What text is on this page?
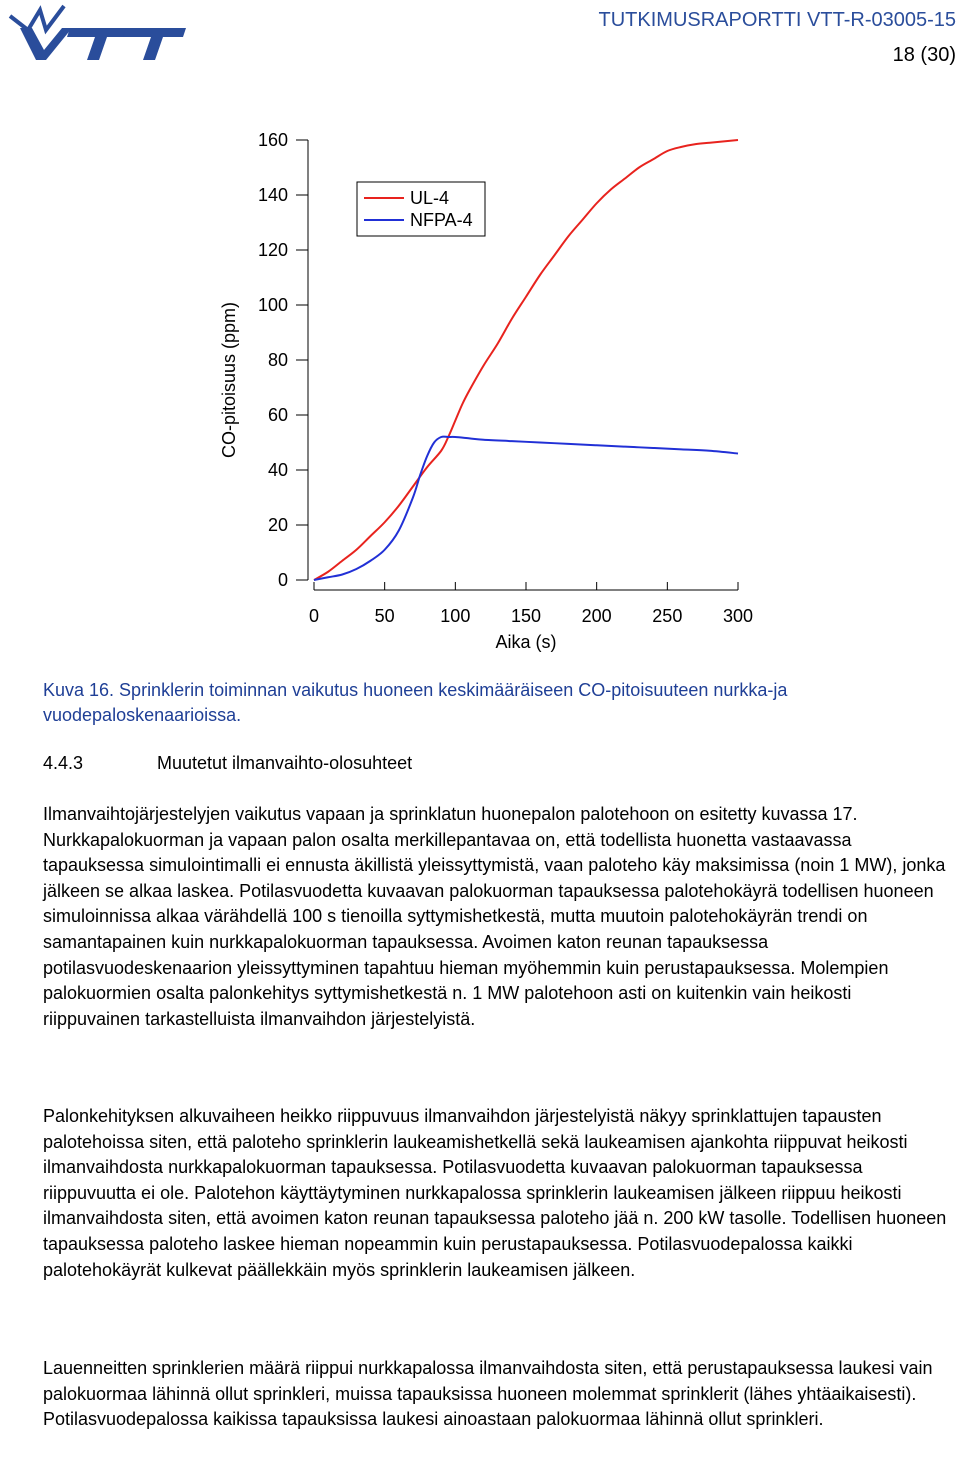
TUTKIMUSRAPORTTI VTT-R-03005-15
18 (30)
0
20
40
60
80
100
120
140
160
0	50	100 150 200 250 300
UL-4
NFPA-4
CO-pitoisuus (ppm)
Aika (s)
Kuva 16. Sprinklerin toiminnan vaikutus huoneen keskimääräiseen CO-pitoisuuteen nurkka-ja vuodepaloskenaarioissa.
4.4.3	Muutetut ilmanvaihto-olosuhteet

Ilmanvaihtojärjestelyjen vaikutus vapaan ja sprinklatun huonepalon palotehoon on esitetty kuvassa 17. Nurkkapalokuorman ja vapaan palon osalta merkillepantavaa on, että todellista huonetta vastaavassa tapauksessa simulointimalli ei ennusta äkillistä yleissyttymistä, vaan paloteho käy maksimissa (noin 1 MW), jonka jälkeen se alkaa laskea. Potilasvuodetta kuvaavan palokuorman tapauksessa palotehokäyrä todellisen huoneen simuloinnissa alkaa värähdellä 100 s tienoilla syttymishetkestä, mutta muutoin palotehokäyrän trendi on samantapainen kuin nurkkapalokuorman tapauksessa. Avoimen katon reunan tapauksessa potilasvuodeskenaarion yleissyttyminen tapahtuu hieman myöhemmin kuin perustapauksessa. Molempien palokuormien osalta palonkehitys syttymishetkestä n. 1 MW palotehoon asti on kuitenkin vain heikosti riippuvainen tarkastelluista ilmanvaihdon järjestelyistä.

Palonkehityksen alkuvaiheen heikko riippuvuus ilmanvaihdon järjestelyistä näkyy sprinklattujen tapausten palotehoissa siten, että paloteho sprinklerin laukeamishetkellä sekä laukeamisen ajankohta riippuvat heikosti ilmanvaihdosta nurkkapalokuorman tapauksessa. Potilasvuodetta kuvaavan palokuorman tapauksessa riippuvuutta ei ole. Palotehon käyttäytyminen nurkkapalossa sprinklerin laukeamisen jälkeen riippuu heikosti ilmanvaihdosta siten, että avoimen katon reunan tapauksessa paloteho jää n. 200 kW tasolle. Todellisen huoneen tapauksessa paloteho laskee hieman nopeammin kuin perustapauksessa. Potilasvuodepalossa kaikki palotehokäyrät kulkevat päällekkäin myös sprinklerin laukeamisen jälkeen.

Lauenneitten sprinklerien määrä riippui nurkkapalossa ilmanvaihdosta siten, että perustapauksessa laukesi vain palokuormaa lähinnä ollut sprinkleri, muissa tapauksissa huoneen molemmat sprinklerit (lähes yhtäaikaisesti). Potilasvuodepalossa kaikissa tapauksissa laukesi ainoastaan palokuormaa lähinnä ollut sprinkleri.
